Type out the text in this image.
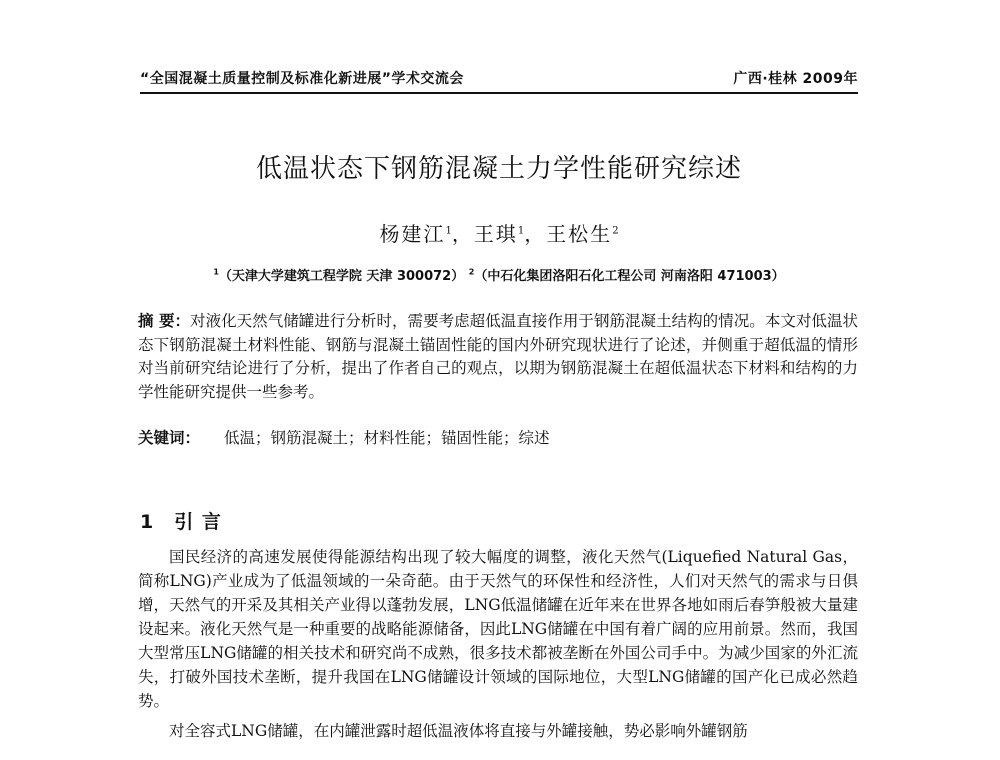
“全国混凝土质量控制及标准化新进展”学术交流会	广西·桂林 2009年
低温状态下钢筋混凝土力学性能研究综述
杨建江$^1$，王琪$^1$，王松生$^2$
$^1$（天津大学建筑工程学院 天津 300072） $^2$（中石化集团洛阳石化工程公司 河南洛阳 471003）
摘 要：对液化天然气储罐进行分析时，需要考虑超低温直接作用于钢筋混凝土结构的情况。本文对低温状态下钢筋混凝土材料性能、钢筋与混凝土锚固性能的国内外研究现状进行了论述，并侧重于超低温的情形对当前研究结论进行了分析，提出了作者自己的观点，以期为钢筋混凝土在超低温状态下材料和结构的力学性能研究提供一些参考。
关键词： 低温；钢筋混凝土；材料性能；锚固性能；综述
1 引 言

国民经济的高速发展使得能源结构出现了较大幅度的调整，液化天然气(Liquefied Natural Gas，简称LNG)产业成为了低温领域的一朵奇葩。由于天然气的环保性和经济性，人们对天然气的需求与日俱增，天然气的开采及其相关产业得以蓬勃发展，LNG低温储罐在近年来在世界各地如雨后春笋般被大量建设起来。液化天然气是一种重要的战略能源储备，因此LNG储罐在中国有着广阔的应用前景。然而，我国大型常压LNG储罐的相关技术和研究尚不成熟，很多技术都被垄断在外国公司手中。为减少国家的外汇流失，打破外国技术垄断，提升我国在LNG储罐设计领域的国际地位，大型LNG储罐的国产化已成必然趋势。

对全容式LNG储罐，在内罐泄露时超低温液体将直接与外罐接触，势必影响外罐钢筋
